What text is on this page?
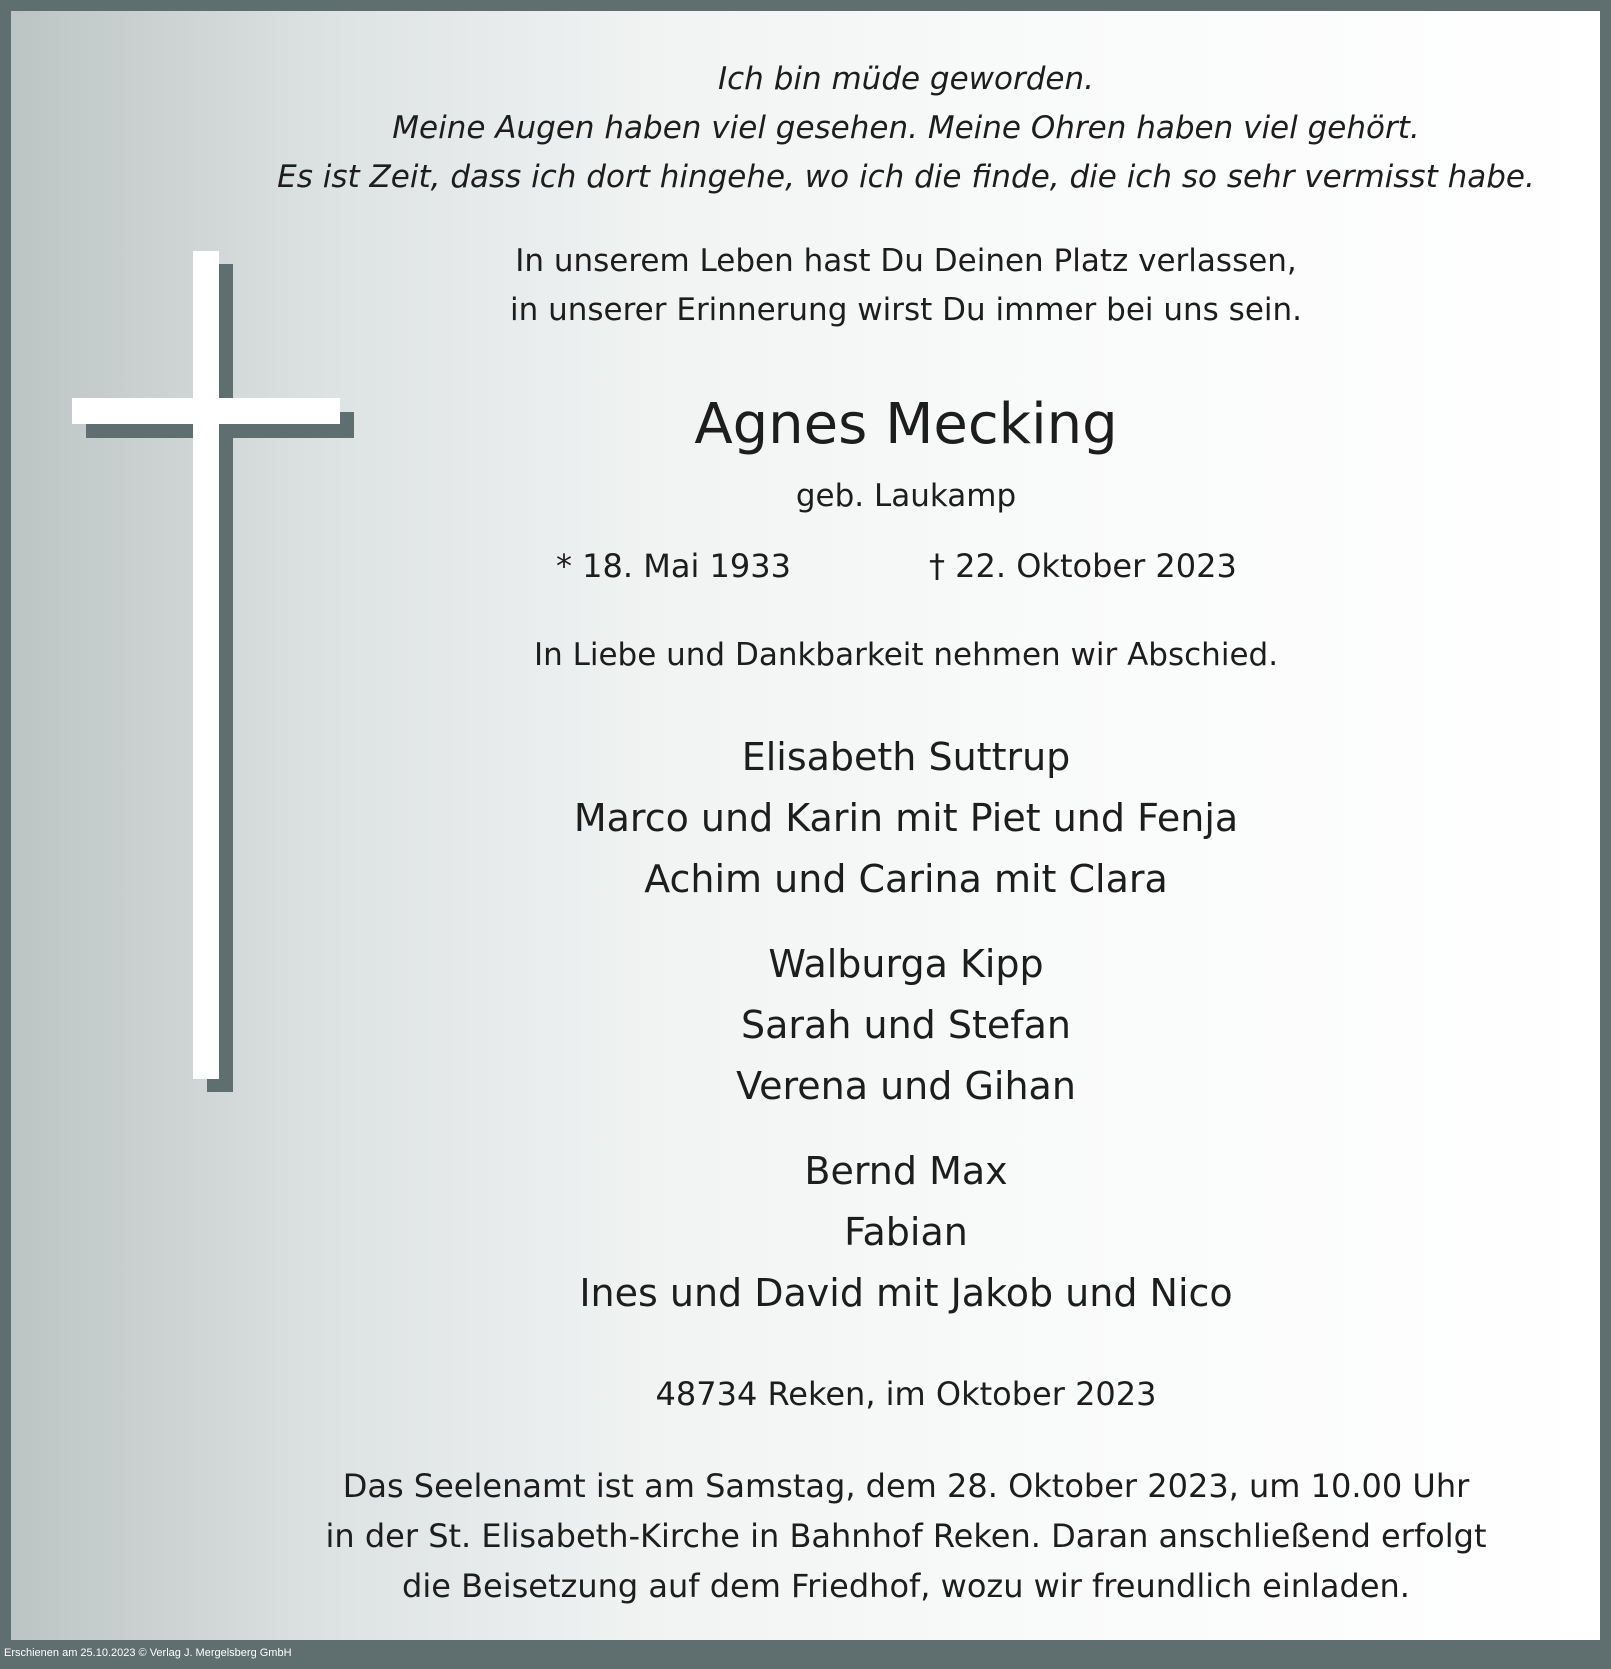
Ich bin müde geworden.
Meine Augen haben viel gesehen. Meine Ohren haben viel gehört.
Es ist Zeit, dass ich dort hingehe, wo ich die finde, die ich so sehr vermisst habe.
In unserem Leben hast Du Deinen Platz verlassen,
in unserer Erinnerung wirst Du immer bei uns sein.
Agnes Mecking
geb. Laukamp
* 18. Mai 1933	† 22. Oktober 2023
In Liebe und Dankbarkeit nehmen wir Abschied.
Elisabeth Suttrup
Marco und Karin mit Piet und Fenja
Achim und Carina mit Clara
Walburga Kipp
Sarah und Stefan
Verena und Gihan
Bernd Max
Fabian
Ines und David mit Jakob und Nico
48734 Reken, im Oktober 2023
Das Seelenamt ist am Samstag, dem 28. Oktober 2023, um 10.00 Uhr
in der St. Elisabeth-Kirche in Bahnhof Reken. Daran anschließend erfolgt
die Beisetzung auf dem Friedhof, wozu wir freundlich einladen.
Erschienen am 25.10.2023 © Verlag J. Mergelsberg GmbH
